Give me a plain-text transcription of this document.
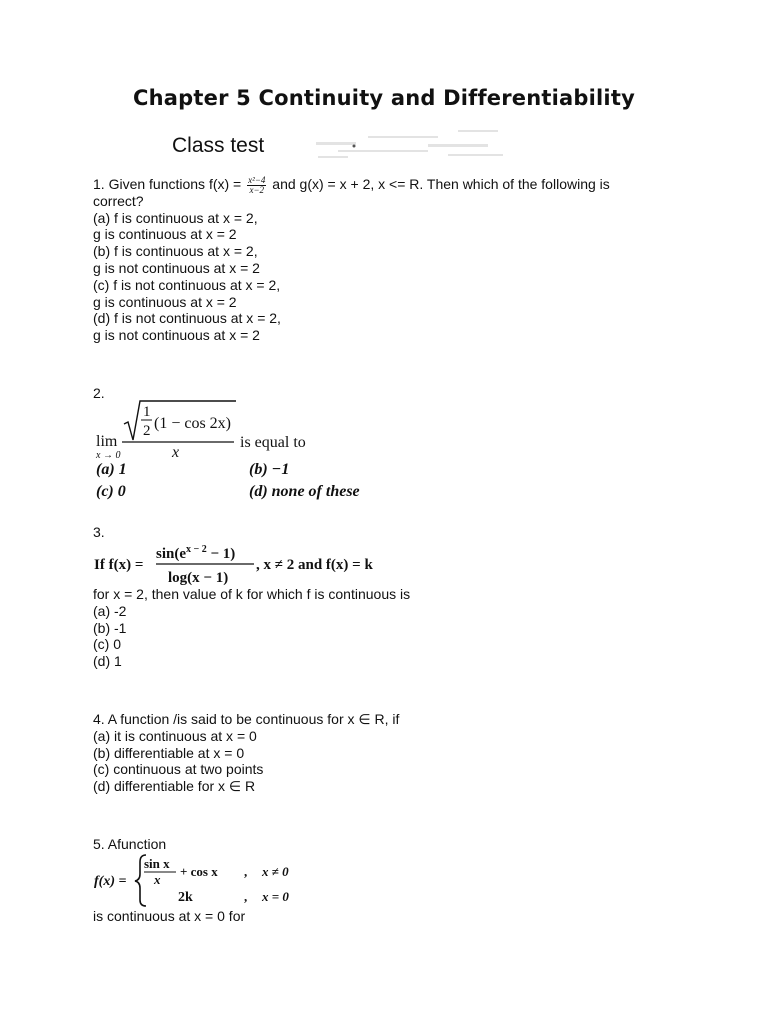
Chapter 5 Continuity and Differentiability
Class test
1. Given functions $f(x) = \frac{\text{x²−4}}{x-2}$ and g(x) = x + 2, x <= R. Then which of the following is
correct?
(a) f is continuous at x = 2,
g is continuous at x = 2
(b) f is continuous at x = 2,
g is not continuous at x = 2
(c) f is not continuous at x = 2,
g is continuous at x = 2
(d) f is not continuous at x = 2,
g is not continuous at x = 2
2.
lim
x → 0
1
2 (1 − cos 2x)
x
is equal to
(a) 1	(b) −1
(c) 0	(d) none of these
3.
If f(x) =
$\sin(e^{x - 2} - 1)$
log(x − 1)
, x ≠ 2 and f(x) = k
for x = 2, then value of k for which f is continuous is
(a) -2
(b) -1
(c) 0
(d) 1
4. A function /is said to be continuous for x ∈ R, if
(a) it is continuous at x = 0
(b) differentiable at x = 0
(c) continuous at two points
(d) differentiable for x ∈ R
5. Afunction
f(x) =
sin x
x
+ cos x , x ≠ 0
2k	, x = 0
is continuous at x = 0 for
